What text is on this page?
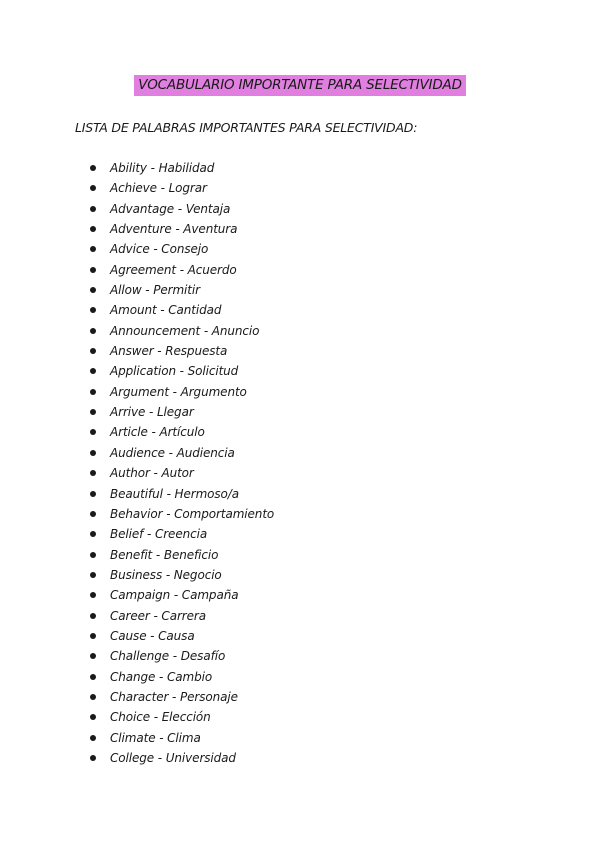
VOCABULARIO IMPORTANTE PARA SELECTIVIDAD
LISTA DE PALABRAS IMPORTANTES PARA SELECTIVIDAD:
Ability - Habilidad
Achieve - Lograr
Advantage - Ventaja
Adventure - Aventura
Advice - Consejo
Agreement - Acuerdo
Allow - Permitir
Amount - Cantidad
Announcement - Anuncio
Answer - Respuesta
Application - Solicitud
Argument - Argumento
Arrive - Llegar
Article - Artículo
Audience - Audiencia
Author - Autor
Beautiful - Hermoso/a
Behavior - Comportamiento
Belief - Creencia
Benefit - Beneficio
Business - Negocio
Campaign - Campaña
Career - Carrera
Cause - Causa
Challenge - Desafío
Change - Cambio
Character - Personaje
Choice - Elección
Climate - Clima
College - Universidad
